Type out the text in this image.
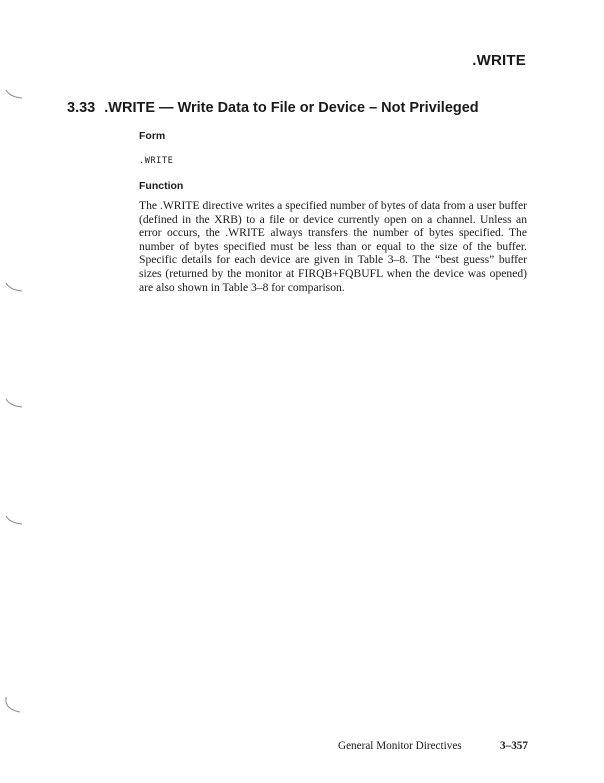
.WRITE
3.33 .WRITE — Write Data to File or Device – Not Privileged
Form
.WRITE
Function

The .WRITE directive writes a specified number of bytes of data from a user buffer (defined in the XRB) to a file or device currently open on a channel. Unless an error occurs, the .WRITE always transfers the number of bytes specified. The number of bytes specified must be less than or equal to the size of the buffer. Specific details for each device are given in Table 3–8. The “best guess” buffer sizes (returned by the monitor at FIRQB+FQBUFL when the device was opened) are also shown in Table 3–8 for comparison.

General Monitor Directives	3–357
